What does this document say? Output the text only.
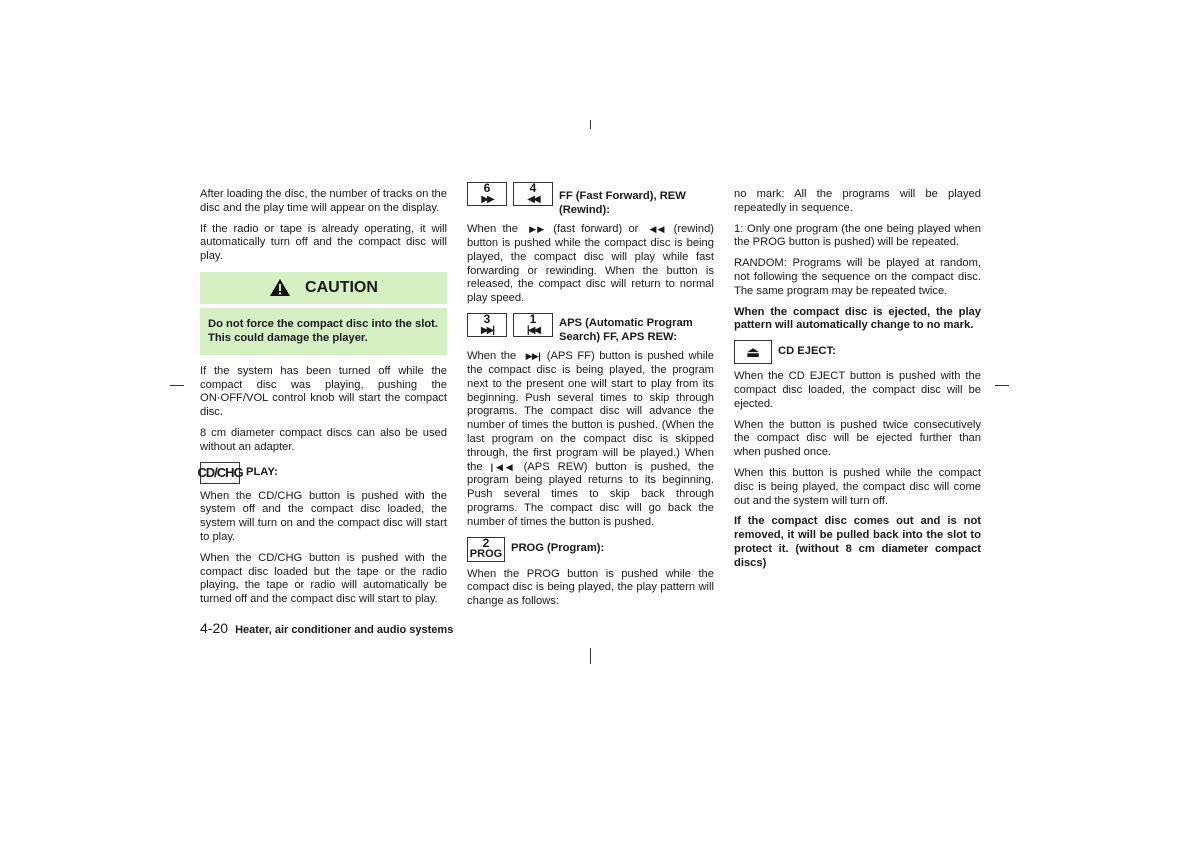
After loading the disc, the number of tracks on the disc and the play time will appear on the display.

If the radio or tape is already operating, it will automatically turn off and the compact disc will play.

CAUTION
Do not force the compact disc into the slot. This could damage the player.

If the system has been turned off while the compact disc was playing, pushing the ON·OFF/VOL control knob will start the compact disc.

8 cm diameter compact discs can also be used without an adapter.

CD/CHG PLAY:

When the CD/CHG button is pushed with the system off and the compact disc loaded, the system will turn on and the compact disc will start to play.

When the CD/CHG button is pushed with the compact disc loaded but the tape or the radio playing, the tape or radio will automatically be turned off and the compact disc will start to play.

6
▶▶
4
◀◀ FF (Fast Forward), REW (Rewind):

When the ▶▶ (fast forward) or ◀◀ (rewind) button is pushed while the compact disc is being played, the compact disc will play while fast forwarding or rewinding. When the button is released, the compact disc will return to normal play speed.

3
▶▶|
1
|◀◀
APS (Automatic Program Search) FF, APS REW:

When the ▶▶| (APS FF) button is pushed while the compact disc is being played, the program next to the present one will start to play from its beginning. Push several times to skip through programs. The compact disc will advance the number of times the button is pushed. (When the last program on the compact disc is skipped through, the first program will be played.) When the |◀◀ (APS REW) button is pushed, the program being played returns to its beginning. Push several times to skip back through programs. The compact disc will go back the number of times the button is pushed.

2
PROG
PROG (Program):

When the PROG button is pushed while the compact disc is being played, the play pattern will change as follows:

no mark: All the programs will be played repeatedly in sequence.

1: Only one program (the one being played when the PROG button is pushed) will be repeated.

RANDOM: Programs will be played at random, not following the sequence on the compact disc. The same program may be repeated twice.

When the compact disc is ejected, the play pattern will automatically change to no mark.

⏏ CD EJECT:

When the CD EJECT button is pushed with the compact disc loaded, the compact disc will be ejected.

When the button is pushed twice consecutively the compact disc will be ejected further than when pushed once.

When this button is pushed while the compact disc is being played, the compact disc will come out and the system will turn off.

If the compact disc comes out and is not removed, it will be pulled back into the slot to protect it. (without 8 cm diameter compact discs)

4-20 Heater, air conditioner and audio systems
